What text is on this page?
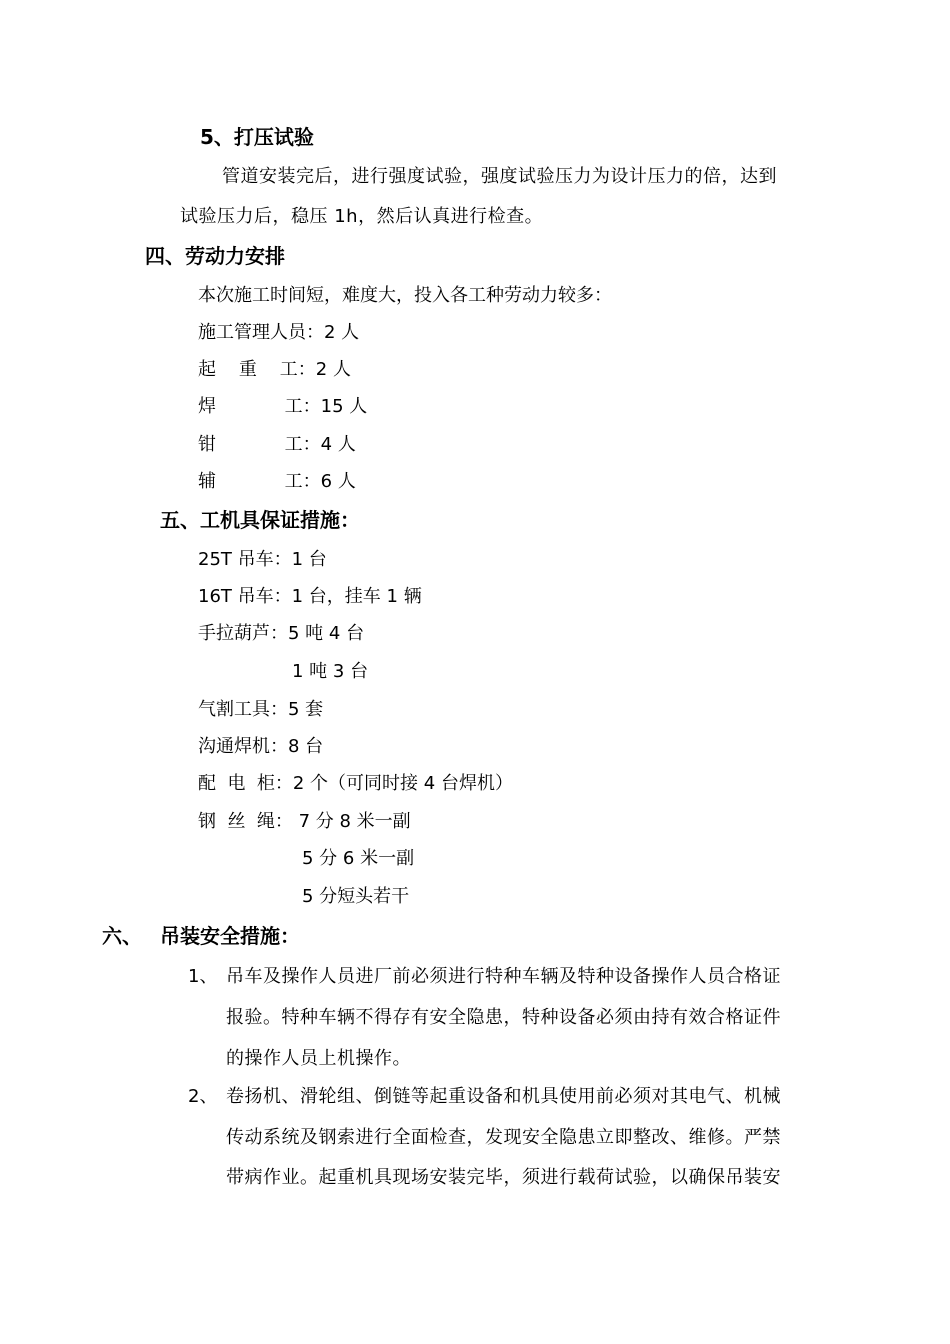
5、打压试验
管道安装完后，进行强度试验，强度试验压力为设计压力的倍，达到
试验压力后，稳压 1h，然后认真进行检查。
四、劳动力安排
本次施工时间短，难度大，投入各工种劳动力较多：
施工管理人员：2 人
起    重    工：2 人
焊            工：15 人
钳            工：4 人
辅            工：6 人
五、工机具保证措施：
25T 吊车：1 台
16T 吊车：1 台，挂车 1 辆
手拉葫芦：5 吨 4 台
1 吨 3 台
气割工具：5 套
沟通焊机：8 台
配  电  柜：2 个（可同时接 4 台焊机）
钢  丝  绳： 7 分 8 米一副
5 分 6 米一副
5 分短头若干
六、 吊装安全措施：
1、 吊车及操作人员进厂前必须进行特种车辆及特种设备操作人员合格证
报验。特种车辆不得存有安全隐患，特种设备必须由持有效合格证件
的操作人员上机操作。
2、 卷扬机、滑轮组、倒链等起重设备和机具使用前必须对其电气、机械
传动系统及钢索进行全面检查，发现安全隐患立即整改、维修。严禁
带病作业。起重机具现场安装完毕，须进行载荷试验，以确保吊装安
